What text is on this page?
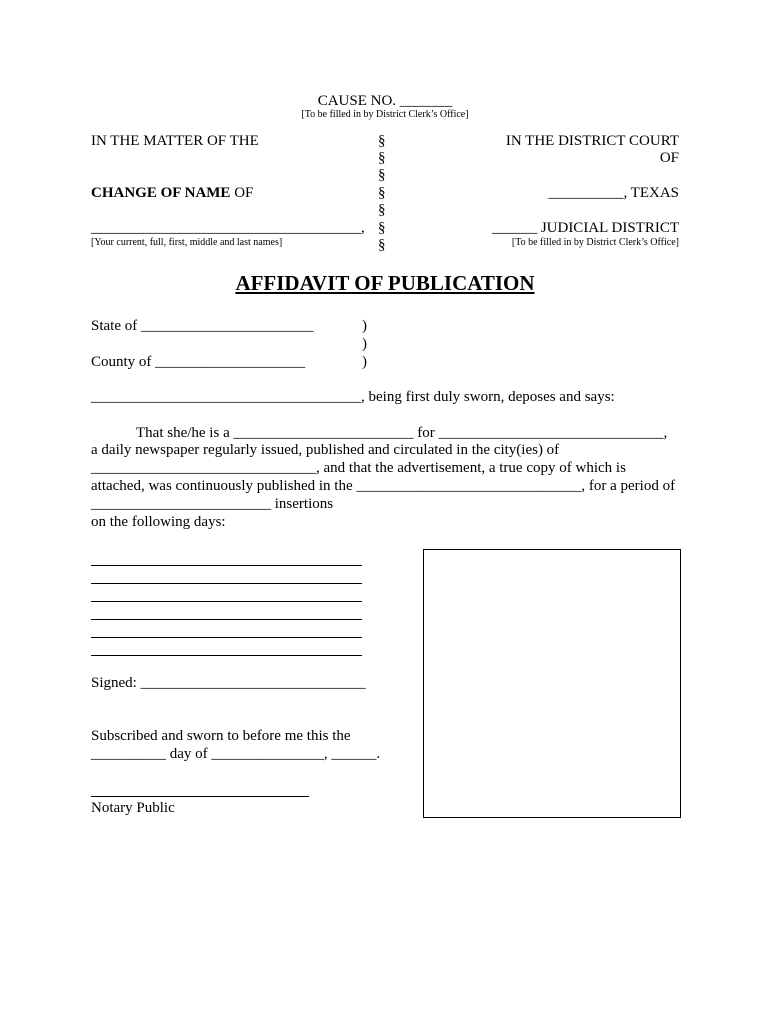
CAUSE NO. _______
[To be filled in by District Clerk’s Office]
IN THE MATTER OF THE
CHANGE OF NAME OF
____________________________________,
[Your current, full, first, middle and last names]
§
§
§
§
§
§
§
IN THE DISTRICT COURT
OF
__________, TEXAS
______ JUDICIAL DISTRICT
[To be filled in by District Clerk’s Office]
AFFIDAVIT OF PUBLICATION
State of _______________________
County of ____________________
)
)
)
____________________________________, being first duly sworn, deposes and says:
That she/he is a ________________________ for ______________________________,
a daily newspaper regularly issued, published and circulated in the city(ies) of
______________________________, and that the advertisement, a true copy of which is
attached, was continuously published in the ______________________________, for a period of
________________________ insertions
on the following days:
Signed: ______________________________
Subscribed and sworn to before me this the
__________ day of _______________, ______.
Notary Public
